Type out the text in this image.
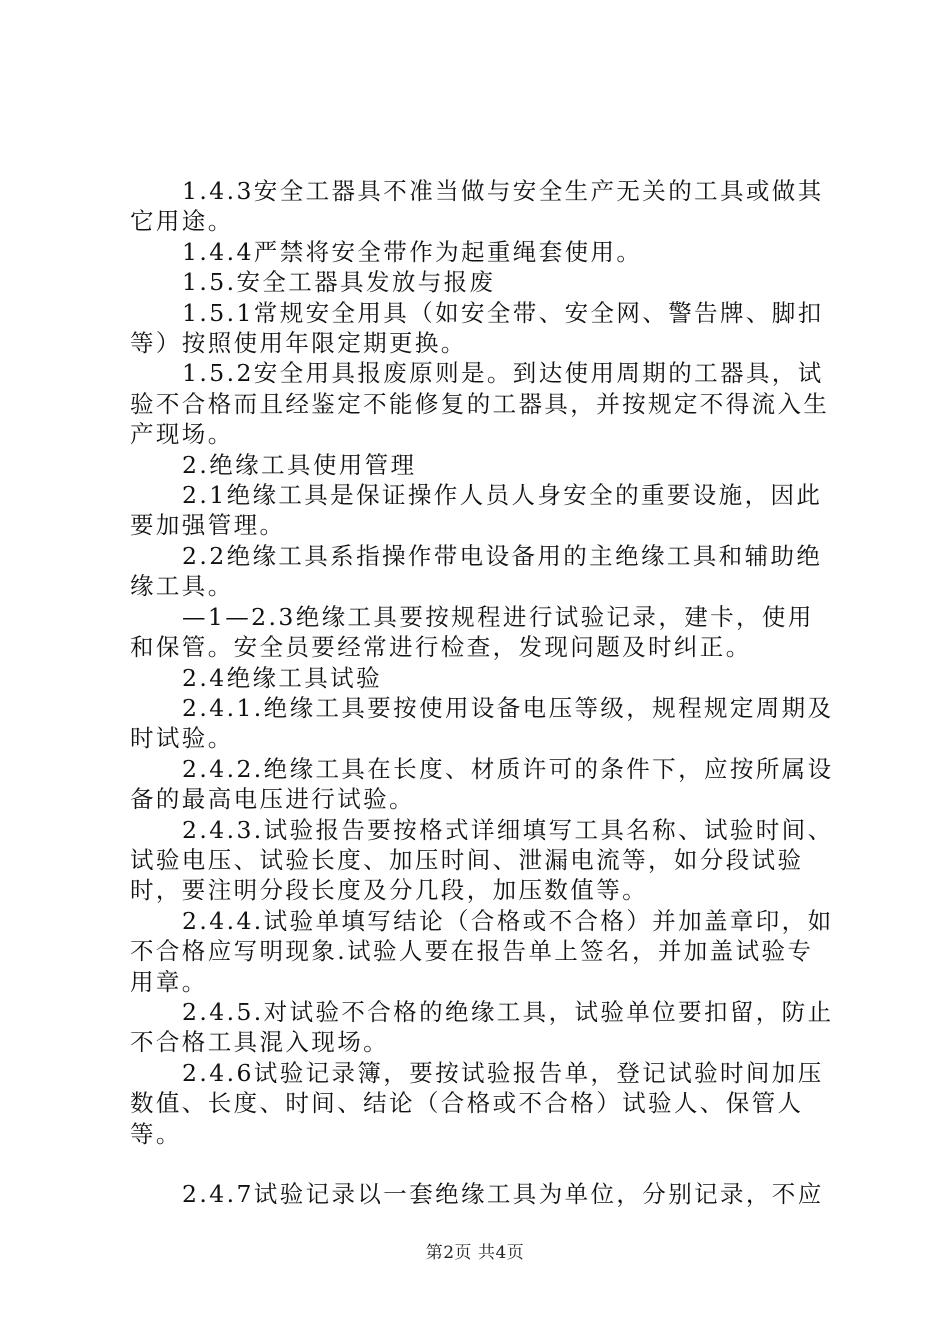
1.4.3安全工器具不准当做与安全生产无关的工具或做其它用途。

1.4.4严禁将安全带作为起重绳套使用。

1.5.安全工器具发放与报废

1.5.1常规安全用具（如安全带、安全网、警告牌、脚扣等）按照使用年限定期更换。

1.5.2安全用具报废原则是。到达使用周期的工器具，试验不合格而且经鉴定不能修复的工器具，并按规定不得流入生产现场。

2.绝缘工具使用管理

2.1绝缘工具是保证操作人员人身安全的重要设施，因此要加强管理。

2.2绝缘工具系指操作带电设备用的主绝缘工具和辅助绝缘工具。

—1—2.3绝缘工具要按规程进行试验记录，建卡，使用和保管。安全员要经常进行检查，发现问题及时纠正。

2.4绝缘工具试验

2.4.1.绝缘工具要按使用设备电压等级，规程规定周期及时试验。

2.4.2.绝缘工具在长度、材质许可的条件下，应按所属设备的最高电压进行试验。

2.4.3.试验报告要按格式详细填写工具名称、试验时间、试验电压、试验长度、加压时间、泄漏电流等，如分段试验时，要注明分段长度及分几段，加压数值等。

2.4.4.试验单填写结论（合格或不合格）并加盖章印，如不合格应写明现象.试验人要在报告单上签名，并加盖试验专用章。

2.4.5.对试验不合格的绝缘工具，试验单位要扣留，防止不合格工具混入现场。

2.4.6试验记录簿，要按试验报告单，登记试验时间加压数值、长度、时间、结论（合格或不合格）试验人、保管人等。

2.4.7试验记录以一套绝缘工具为单位，分别记录，不应

第2页 共4页
